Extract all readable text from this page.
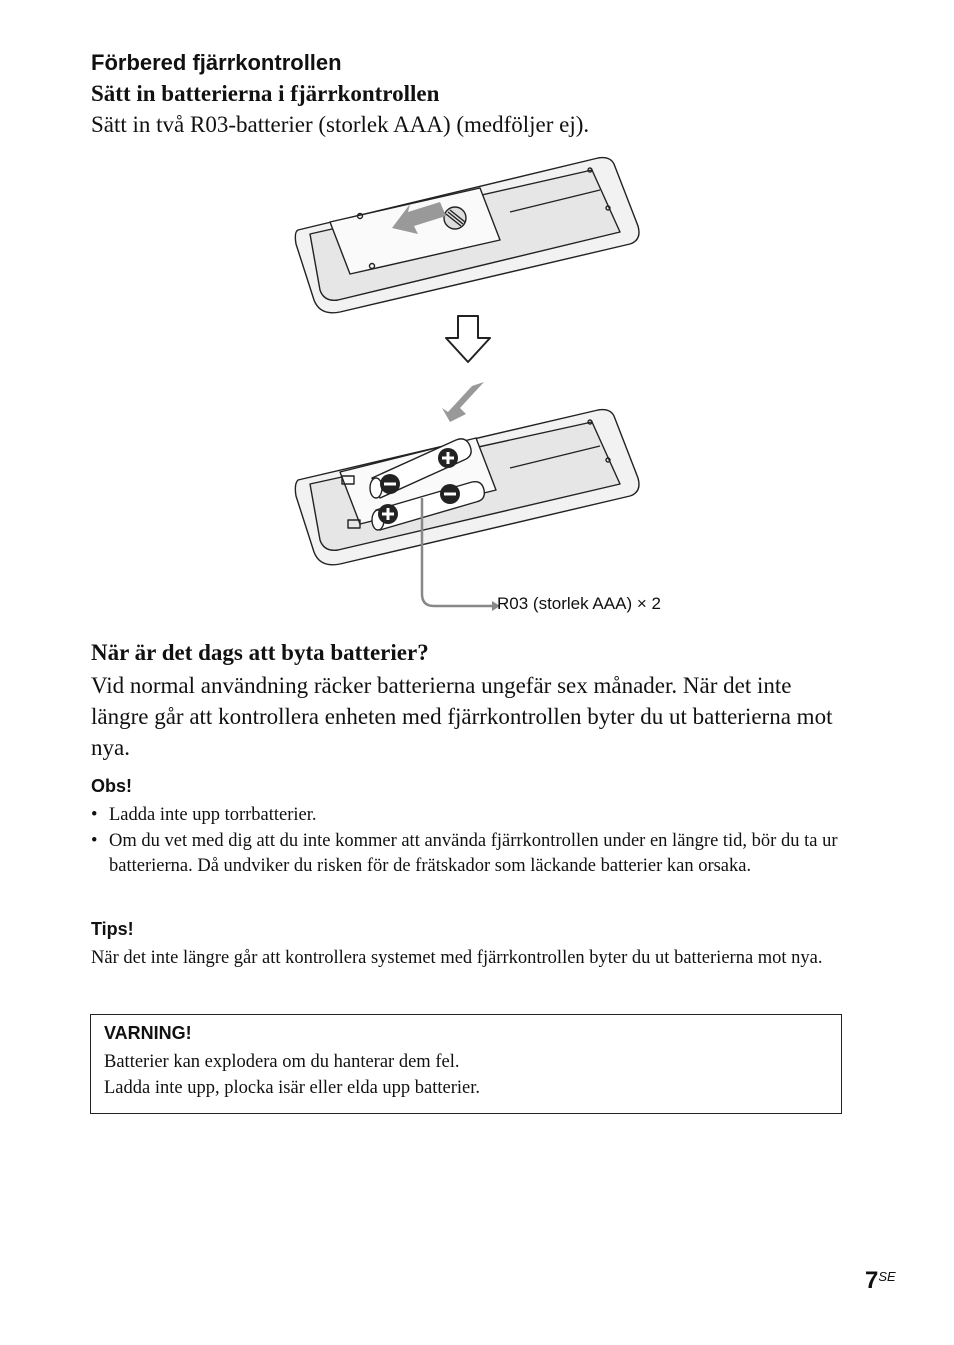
Förbered fjärrkontrollen
Sätt in batterierna i fjärrkontrollen
Sätt in två R03-batterier (storlek AAA) (medföljer ej).
R03 (storlek AAA) × 2
När är det dags att byta batterier?
Vid normal användning räcker batterierna ungefär sex månader. När det inte längre går att kontrollera enheten med fjärrkontrollen byter du ut batterierna mot nya.
Obs!
• Ladda inte upp torrbatterier.
• Om du vet med dig att du inte kommer att använda fjärrkontrollen under en längre tid, bör du ta ur batterierna. Då undviker du risken för de frätskador som läckande batterier kan orsaka.
Tips!
När det inte längre går att kontrollera systemet med fjärrkontrollen byter du ut batterierna mot nya.
VARNING!
Batterier kan explodera om du hanterar dem fel.
Ladda inte upp, plocka isär eller elda upp batterier.
$7^{SE}$
